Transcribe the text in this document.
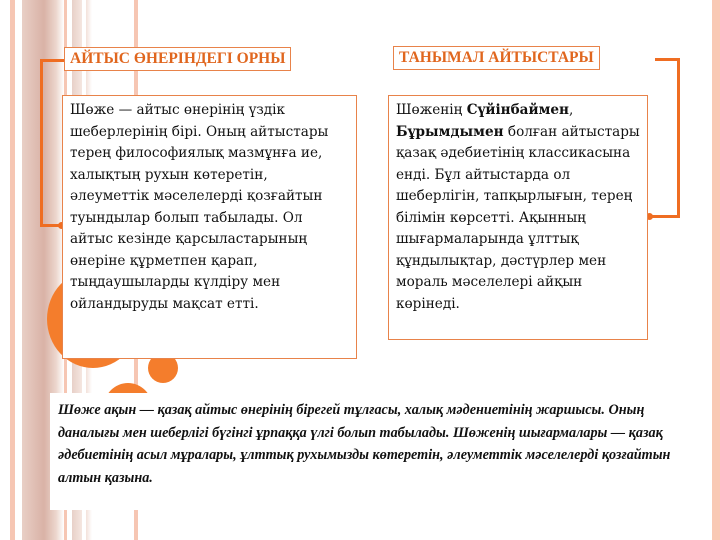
АЙТЫС ӨНЕРІНДЕГІ ОРНЫ
Шөже — айтыс өнерінің үздік шеберлерінің бірі. Оның айтыстары терең философиялық мазмұнға ие, халықтың рухын көтеретін, әлеуметтік мәселелерді қозғайтын туындылар болып табылады. Ол айтыс кезінде қарсыластарының өнеріне құрметпен қарап, тыңдаушыларды күлдіру мен ойландыруды мақсат етті.
ТАНЫМАЛ АЙТЫСТАРЫ
Шөженің Сүйінбаймен, Бұрымдымен болған айтыстары қазақ әдебиетінің классикасына енді. Бұл айтыстарда ол шеберлігін, тапқырлығын, терең білімін көрсетті. Ақынның шығармаларында ұлттық құндылықтар, дәстүрлер мен мораль мәселелері айқын көрінеді.
Шөже ақын — қазақ айтыс өнерінің бірегей тұлғасы, халық мәдениетінің жаршысы. Оның даналығы мен шеберлігі бүгінгі ұрпаққа үлгі болып табылады. Шөженің шығармалары — қазақ әдебиетінің асыл мұралары, ұлттық рухымызды көтеретін, әлеуметтік мәселелерді қозғайтын алтын қазына.
